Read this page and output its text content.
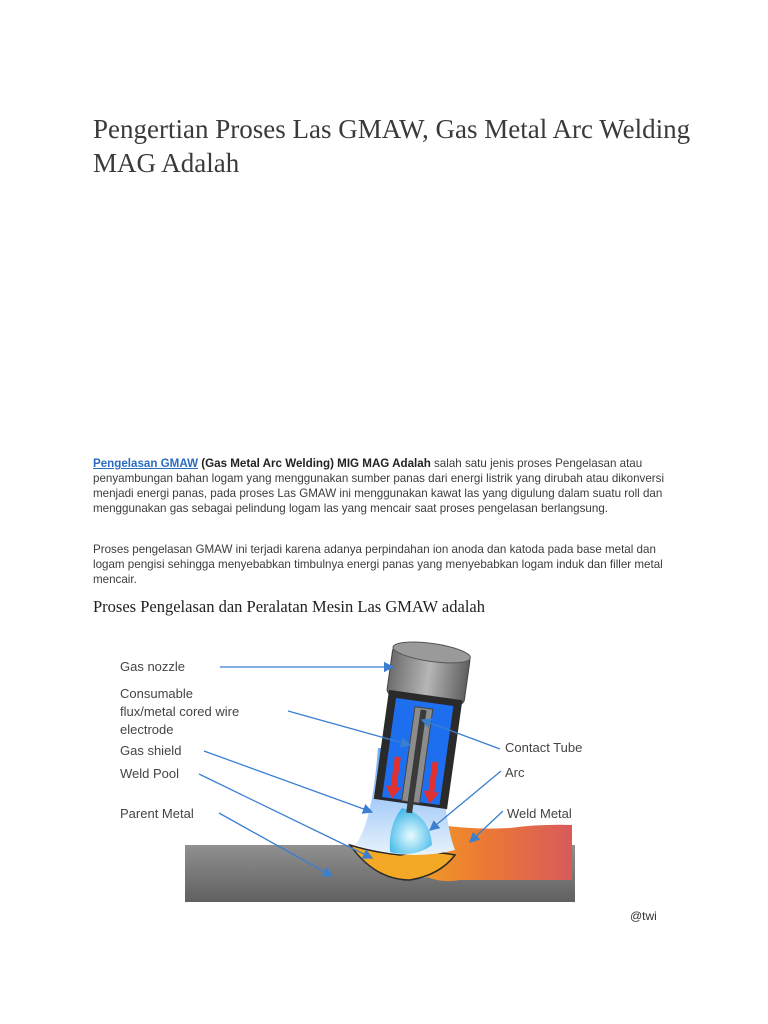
Pengertian Proses Las GMAW, Gas Metal Arc Welding MAG Adalah

Pengelasan GMAW (Gas Metal Arc Welding) MIG MAG Adalah salah satu jenis proses Pengelasan atau penyambungan bahan logam yang menggunakan sumber panas dari energi listrik yang dirubah atau dikonversi menjadi energi panas, pada proses Las GMAW ini menggunakan kawat las yang digulung dalam suatu roll dan menggunakan gas sebagai pelindung logam las yang mencair saat proses pengelasan berlangsung.

Proses pengelasan GMAW ini terjadi karena adanya perpindahan ion anoda dan katoda pada base metal dan logam pengisi sehingga menyebabkan timbulnya energi panas yang menyebabkan logam induk dan filler metal mencair.

Proses Pengelasan dan Peralatan Mesin Las GMAW adalah
Gas nozzle
Consumable
flux/metal cored wire
electrode
Gas shield
Weld Pool
Parent Metal
Contact Tube
Arc
Weld Metal
@twi
